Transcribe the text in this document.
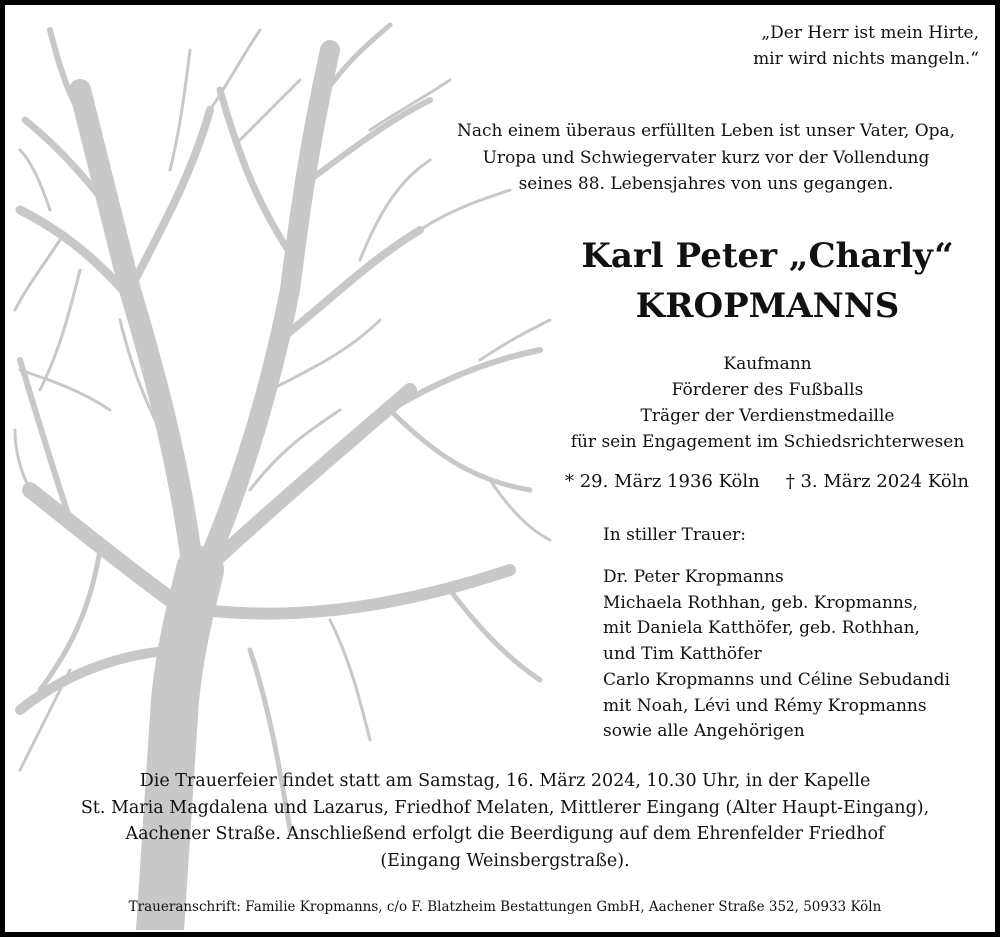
„Der Herr ist mein Hirte,
mir wird nichts mangeln.“
Nach einem überaus erfüllten Leben ist unser Vater, Opa,
Uropa und Schwiegervater kurz vor der Vollendung
seines 88. Lebensjahres von uns gegangen.
Karl Peter „Charly“
KROPMANNS
Kaufmann
Förderer des Fußballs
Träger der Verdienstmedaille
für sein Engagement im Schiedsrichterwesen
* 29. März 1936 Köln † 3. März 2024 Köln
In stiller Trauer:
Dr. Peter Kropmanns
Michaela Rothhan, geb. Kropmanns,
mit Daniela Katthöfer, geb. Rothhan,
und Tim Katthöfer
Carlo Kropmanns und Céline Sebudandi
mit Noah, Lévi und Rémy Kropmanns
sowie alle Angehörigen
Die Trauerfeier findet statt am Samstag, 16. März 2024, 10.30 Uhr, in der Kapelle
St. Maria Magdalena und Lazarus, Friedhof Melaten, Mittlerer Eingang (Alter Haupt-Eingang),
Aachener Straße. Anschließend erfolgt die Beerdigung auf dem Ehrenfelder Friedhof
(Eingang Weinsbergstraße).
Traueranschrift: Familie Kropmanns, c/o F. Blatzheim Bestattungen GmbH, Aachener Straße 352, 50933 Köln
